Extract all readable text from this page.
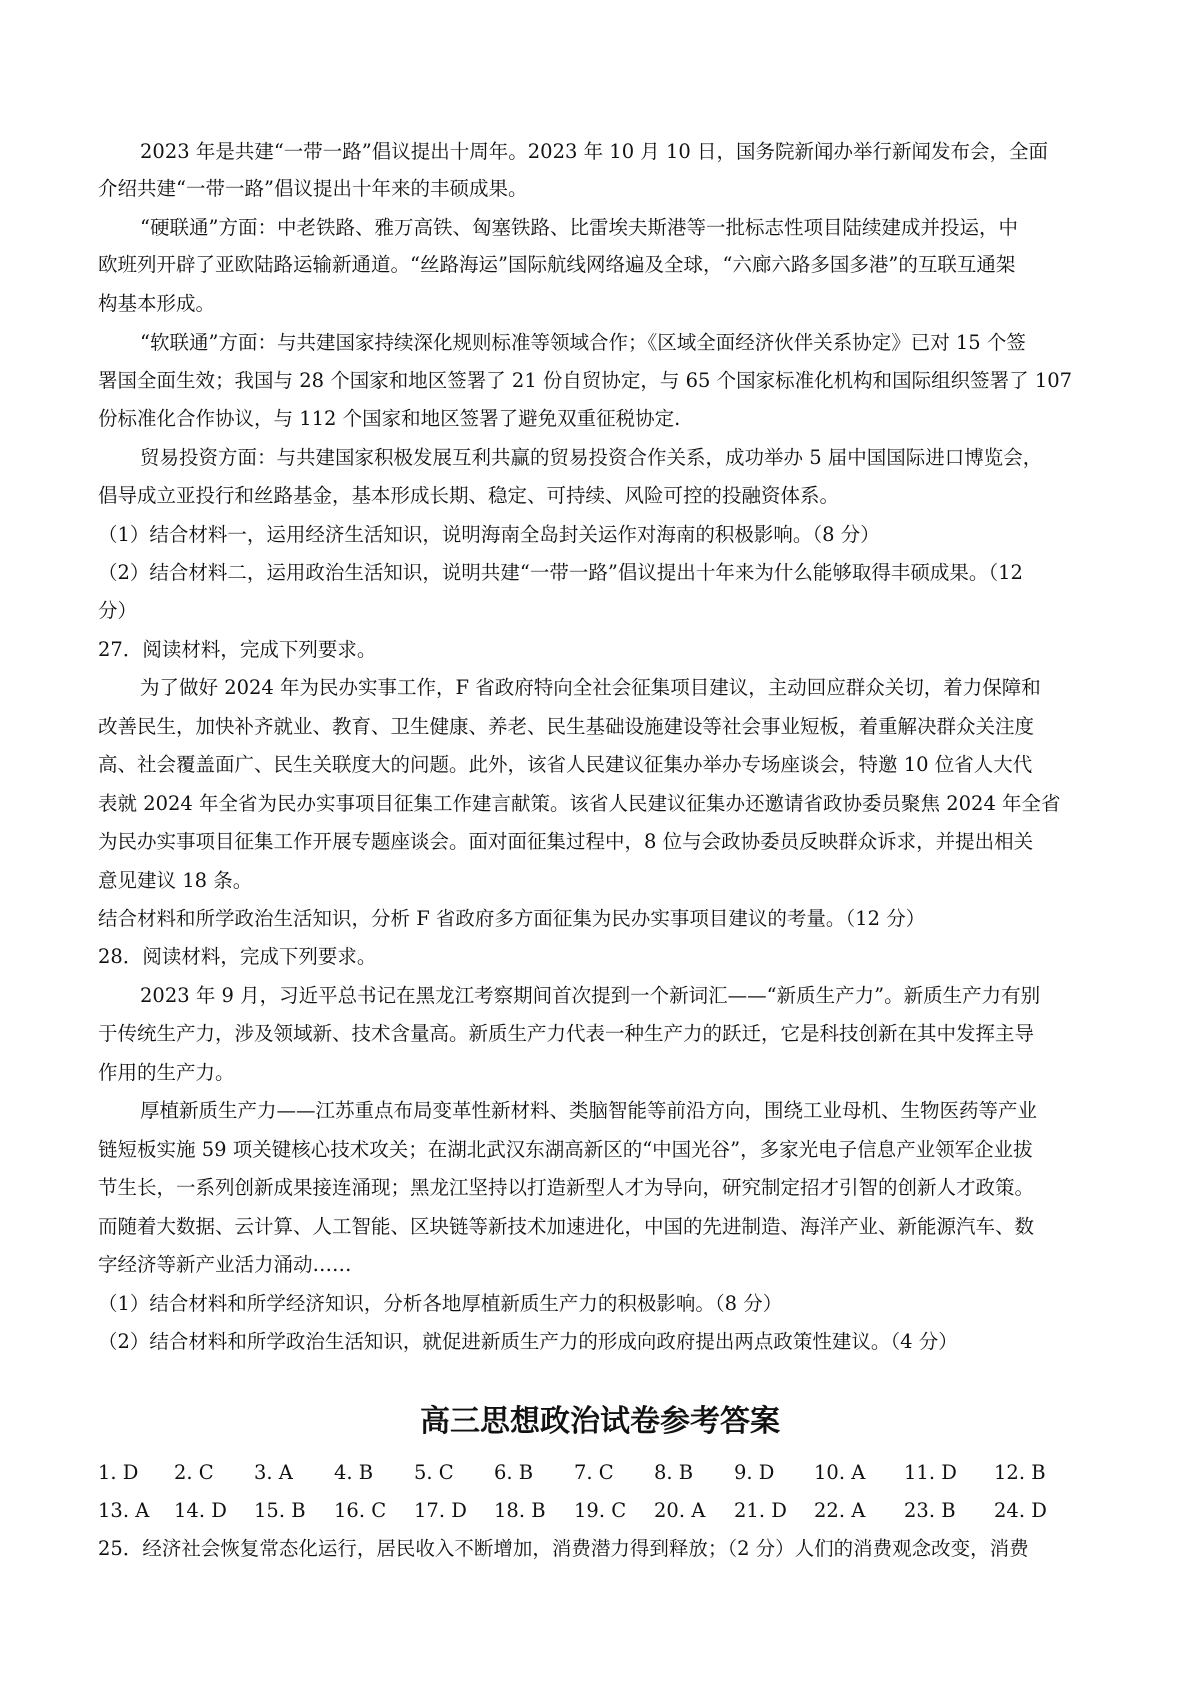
2023 年是共建“一带一路”倡议提出十周年。2023 年 10 月 10 日，国务院新闻办举行新闻发布会，全面
介绍共建“一带一路”倡议提出十年来的丰硕成果。
“硬联通”方面：中老铁路、雅万高铁、匈塞铁路、比雷埃夫斯港等一批标志性项目陆续建成并投运，中
欧班列开辟了亚欧陆路运输新通道。“丝路海运”国际航线网络遍及全球，“六廊六路多国多港”的互联互通架
构基本形成。
“软联通”方面：与共建国家持续深化规则标准等领域合作；《区域全面经济伙伴关系协定》已对 15 个签
署国全面生效；我国与 28 个国家和地区签署了 21 份自贸协定，与 65 个国家标准化机构和国际组织签署了 107
份标准化合作协议，与 112 个国家和地区签署了避免双重征税协定.
贸易投资方面：与共建国家积极发展互利共赢的贸易投资合作关系，成功举办 5 届中国国际进口博览会，
倡导成立亚投行和丝路基金，基本形成长期、稳定、可持续、风险可控的投融资体系。
（1）结合材料一，运用经济生活知识，说明海南全岛封关运作对海南的积极影响。（8 分）
（2）结合材料二，运用政治生活知识，说明共建“一带一路”倡议提出十年来为什么能够取得丰硕成果。（12
分）
27．阅读材料，完成下列要求。
为了做好 2024 年为民办实事工作，F 省政府特向全社会征集项目建议，主动回应群众关切，着力保障和
改善民生，加快补齐就业、教育、卫生健康、养老、民生基础设施建设等社会事业短板，着重解决群众关注度
高、社会覆盖面广、民生关联度大的问题。此外，该省人民建议征集办举办专场座谈会，特邀 10 位省人大代
表就 2024 年全省为民办实事项目征集工作建言献策。该省人民建议征集办还邀请省政协委员聚焦 2024 年全省
为民办实事项目征集工作开展专题座谈会。面对面征集过程中，8 位与会政协委员反映群众诉求，并提出相关
意见建议 18 条。
结合材料和所学政治生活知识，分析 F 省政府多方面征集为民办实事项目建议的考量。（12 分）
28．阅读材料，完成下列要求。
2023 年 9 月，习近平总书记在黑龙江考察期间首次提到一个新词汇——“新质生产力”。新质生产力有别
于传统生产力，涉及领域新、技术含量高。新质生产力代表一种生产力的跃迁，它是科技创新在其中发挥主导
作用的生产力。
厚植新质生产力——江苏重点布局变革性新材料、类脑智能等前沿方向，围绕工业母机、生物医药等产业
链短板实施 59 项关键核心技术攻关；在湖北武汉东湖高新区的“中国光谷”，多家光电子信息产业领军企业拔
节生长，一系列创新成果接连涌现；黑龙江坚持以打造新型人才为导向，研究制定招才引智的创新人才政策。
而随着大数据、云计算、人工智能、区块链等新技术加速进化，中国的先进制造、海洋产业、新能源汽车、数
字经济等新产业活力涌动……
（1）结合材料和所学经济知识，分析各地厚植新质生产力的积极影响。（8 分）
（2）结合材料和所学政治生活知识，就促进新质生产力的形成向政府提出两点政策性建议。（4 分）
高三思想政治试卷参考答案
1. D 2. C 3. A 4. B 5. C 6. B 7. C 8. B 9. D 10. A 11. D 12. B
13. A 14. D 15. B 16. C 17. D 18. B 19. C 20. A 21. D 22. A 23. B 24. D
25．经济社会恢复常态化运行，居民收入不断增加，消费潜力得到释放；（2 分）人们的消费观念改变，消费
